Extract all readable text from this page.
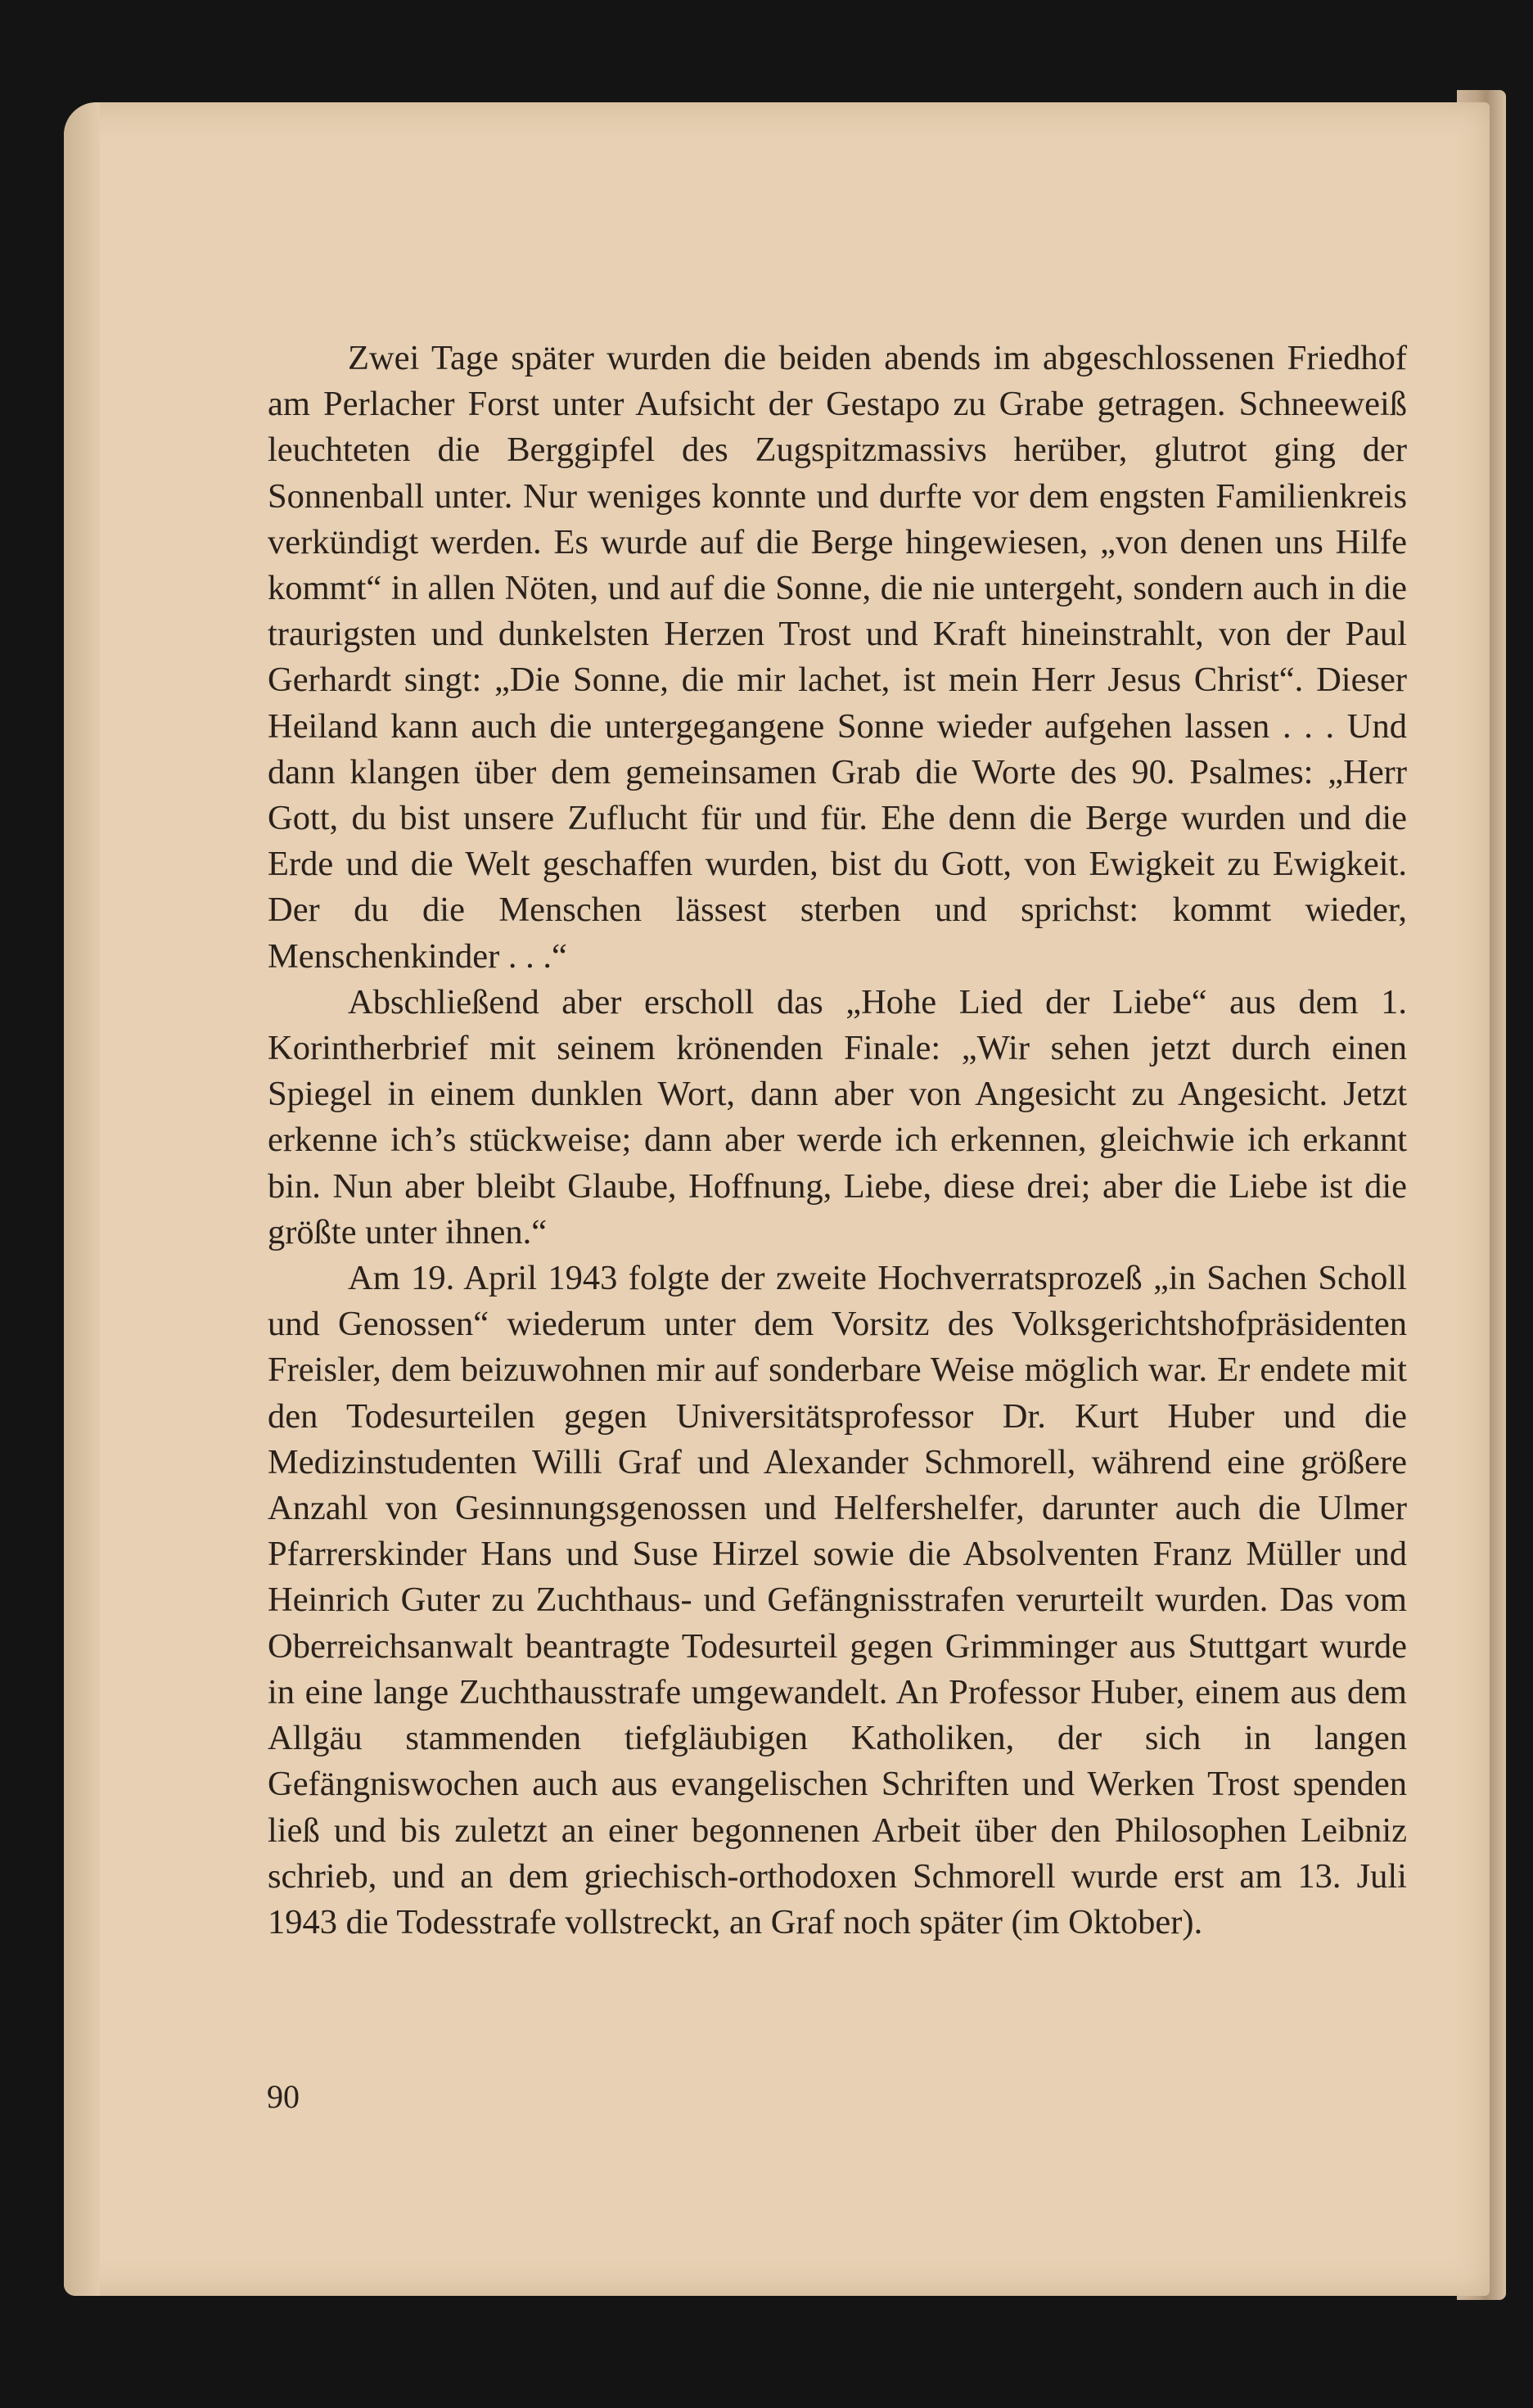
Zwei Tage später wurden die beiden abends im abgeschlossenen Friedhof am Perlacher Forst unter Aufsicht der Gestapo zu Grabe getragen. Schneeweiß leuchteten die Berggipfel des Zugspitzmassivs herüber, glutrot ging der Sonnenball unter. Nur weniges konnte und durfte vor dem engsten Familienkreis verkündigt werden. Es wurde auf die Berge hingewiesen, „von denen uns Hilfe kommt“ in allen Nöten, und auf die Sonne, die nie untergeht, sondern auch in die traurigsten und dunkelsten Herzen Trost und Kraft hineinstrahlt, von der Paul Gerhardt singt: „Die Sonne, die mir lachet, ist mein Herr Jesus Christ“. Dieser Heiland kann auch die untergegangene Sonne wieder aufgehen lassen . . . Und dann klangen über dem gemeinsamen Grab die Worte des 90. Psalmes: „Herr Gott, du bist unsere Zuflucht für und für. Ehe denn die Berge wurden und die Erde und die Welt geschaffen wurden, bist du Gott, von Ewigkeit zu Ewigkeit. Der du die Menschen lässest sterben und sprichst: kommt wieder, Menschenkinder . . .“

Abschließend aber erscholl das „Hohe Lied der Liebe“ aus dem 1. Korintherbrief mit seinem krönenden Finale: „Wir sehen jetzt durch einen Spiegel in einem dunklen Wort, dann aber von Angesicht zu Angesicht. Jetzt erkenne ich’s stückweise; dann aber werde ich erkennen, gleichwie ich erkannt bin. Nun aber bleibt Glaube, Hoffnung, Liebe, diese drei; aber die Liebe ist die größte unter ihnen.“

Am 19. April 1943 folgte der zweite Hochverratsprozeß „in Sachen Scholl und Genossen“ wiederum unter dem Vorsitz des Volksgerichtshofpräsidenten Freisler, dem beizuwohnen mir auf sonderbare Weise möglich war. Er endete mit den Todesurteilen gegen Universitätsprofessor Dr. Kurt Huber und die Medizinstudenten Willi Graf und Alexander Schmorell, während eine größere Anzahl von Gesinnungsgenossen und Helfershelfer, darunter auch die Ulmer Pfarrerskinder Hans und Suse Hirzel sowie die Absolventen Franz Müller und Heinrich Guter zu Zuchthaus- und Gefängnisstrafen verurteilt wurden. Das vom Oberreichsanwalt beantragte Todesurteil gegen Grimminger aus Stuttgart wurde in eine lange Zuchthausstrafe umgewandelt. An Professor Huber, einem aus dem Allgäu stammenden tiefgläubigen Katholiken, der sich in langen Gefängniswochen auch aus evangelischen Schriften und Werken Trost spenden ließ und bis zuletzt an einer begonnenen Arbeit über den Philosophen Leibniz schrieb, und an dem griechisch-orthodoxen Schmorell wurde erst am 13. Juli 1943 die Todesstrafe vollstreckt, an Graf noch später (im Oktober).

90
